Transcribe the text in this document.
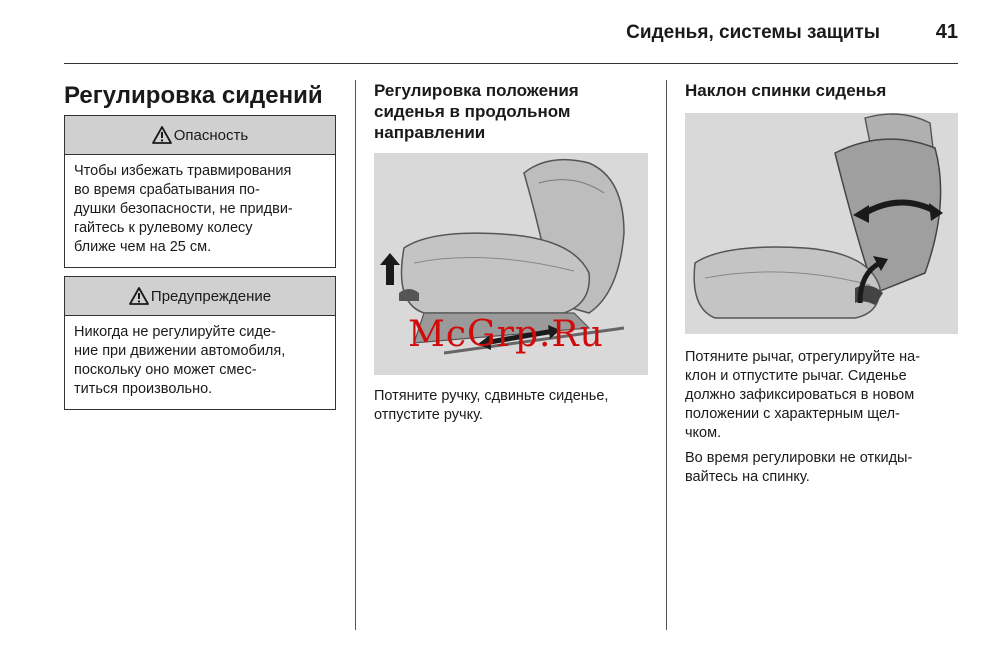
Сиденья, системы защиты	41
Регулировка сидений
Опасность
Чтобы избежать травмирования
во время срабатывания по-
душки безопасности, не придви-
гайтесь к рулевому колесу
ближе чем на 25 см.
Предупреждение
Никогда не регулируйте сиде-
ние при движении автомобиля,
поскольку оно может смес-
титься произвольно.
Регулировка положения
сиденья в продольном
направлении
Потяните ручку, сдвиньте сиденье,
отпустите ручку.
Наклон спинки сиденья
Потяните рычаг, отрегулируйте на-
клон и отпустите рычаг. Сиденье
должно зафиксироваться в новом
положении с характерным щел-
чком.
Во время регулировки не откиды-
вайтесь на спинку.
McGrp.Ru
